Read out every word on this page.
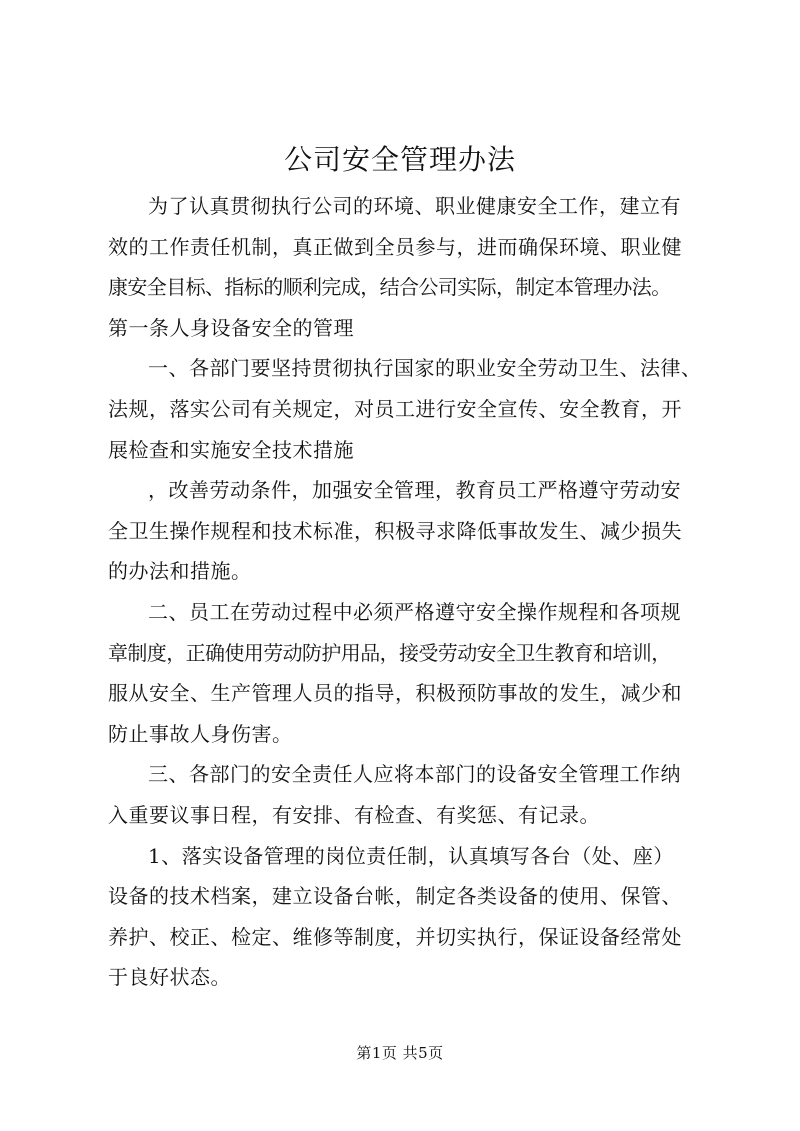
公司安全管理办法
为了认真贯彻执行公司的环境、职业健康安全工作，建立有
效的工作责任机制，真正做到全员参与，进而确保环境、职业健
康安全目标、指标的顺利完成，结合公司实际，制定本管理办法。
第一条人身设备安全的管理
一、各部门要坚持贯彻执行国家的职业安全劳动卫生、法律、
法规，落实公司有关规定，对员工进行安全宣传、安全教育，开
展检查和实施安全技术措施
，改善劳动条件，加强安全管理，教育员工严格遵守劳动安
全卫生操作规程和技术标准，积极寻求降低事故发生、减少损失
的办法和措施。
二、员工在劳动过程中必须严格遵守安全操作规程和各项规
章制度，正确使用劳动防护用品，接受劳动安全卫生教育和培训，
服从安全、生产管理人员的指导，积极预防事故的发生，减少和
防止事故人身伤害。
三、各部门的安全责任人应将本部门的设备安全管理工作纳
入重要议事日程，有安排、有检查、有奖惩、有记录。
1、落实设备管理的岗位责任制，认真填写各台（处、座）
设备的技术档案，建立设备台帐，制定各类设备的使用、保管、
养护、校正、检定、维修等制度，并切实执行，保证设备经常处
于良好状态。
第1页 共5页
